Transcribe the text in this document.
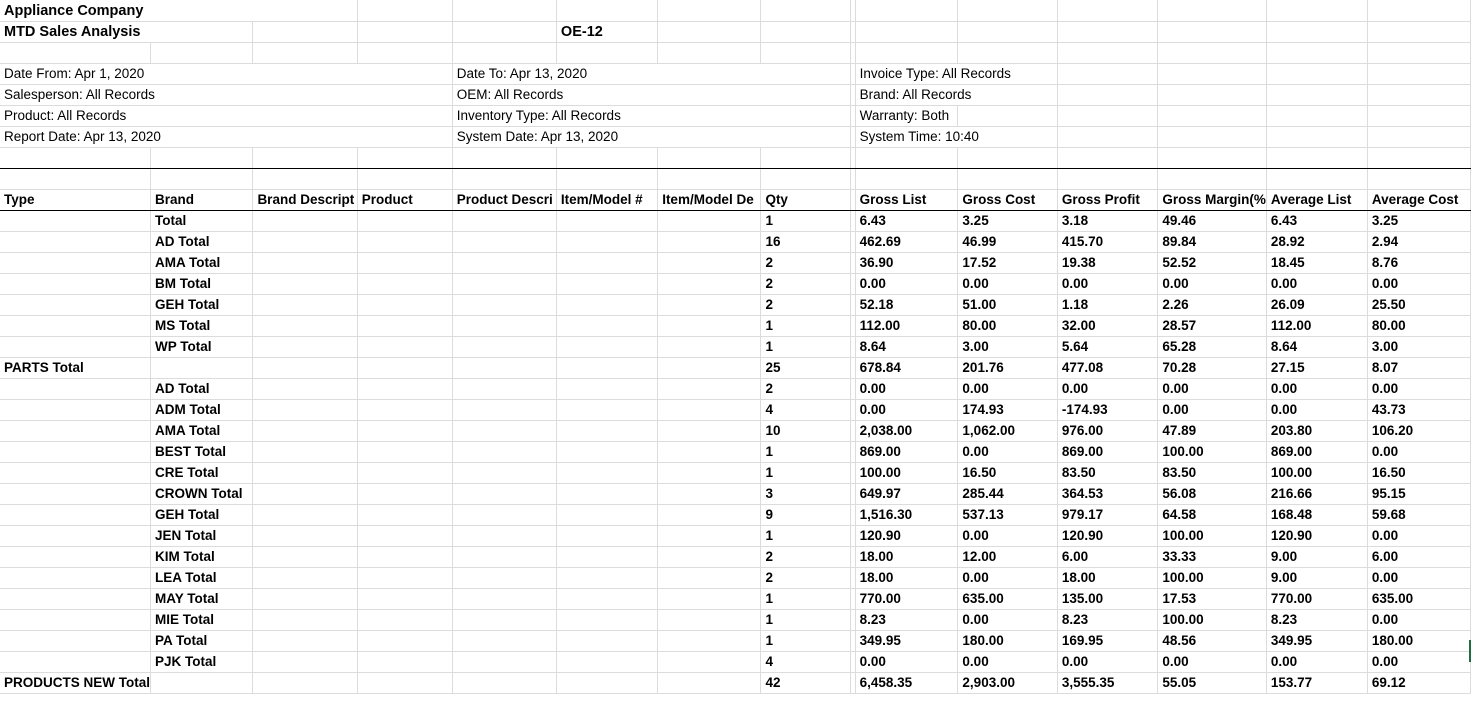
Appliance Company														
MTD Sales Analysis					OE-12									

Date From: Apr 1, 2020				Date To: Apr 13, 2020					Invoice Type: All Records					
Salesperson: All Records				OEM: All Records					Brand: All Records					
Product: All Records				Inventory Type: All Records					Warranty: Both					
Report Date: Apr 13, 2020				System Date: Apr 13, 2020					System Time: 10:40					

Type	Brand	Brand Descript	Product	Product Descri	Item/Model #	Item/Model De	Qty		Gross List	Gross Cost	Gross Profit	Gross Margin(%	Average List	Average Cost
	Total						1		6.43	3.25	3.18	49.46	6.43	3.25
	AD Total						16		462.69	46.99	415.70	89.84	28.92	2.94
	AMA Total						2		36.90	17.52	19.38	52.52	18.45	8.76
	BM Total						2		0.00	0.00	0.00	0.00	0.00	0.00
	GEH Total						2		52.18	51.00	1.18	2.26	26.09	25.50
	MS Total						1		112.00	80.00	32.00	28.57	112.00	80.00
	WP Total						1		8.64	3.00	5.64	65.28	8.64	3.00
PARTS Total							25		678.84	201.76	477.08	70.28	27.15	8.07
	AD Total						2		0.00	0.00	0.00	0.00	0.00	0.00
	ADM Total						4		0.00	174.93	-174.93	0.00	0.00	43.73
	AMA Total						10		2,038.00	1,062.00	976.00	47.89	203.80	106.20
	BEST Total						1		869.00	0.00	869.00	100.00	869.00	0.00
	CRE Total						1		100.00	16.50	83.50	83.50	100.00	16.50
	CROWN Total						3		649.97	285.44	364.53	56.08	216.66	95.15
	GEH Total						9		1,516.30	537.13	979.17	64.58	168.48	59.68
	JEN Total						1		120.90	0.00	120.90	100.00	120.90	0.00
	KIM Total						2		18.00	12.00	6.00	33.33	9.00	6.00
	LEA Total						2		18.00	0.00	18.00	100.00	9.00	0.00
	MAY Total						1		770.00	635.00	135.00	17.53	770.00	635.00
	MIE Total						1		8.23	0.00	8.23	100.00	8.23	0.00
	PA Total						1		349.95	180.00	169.95	48.56	349.95	180.00
	PJK Total						4		0.00	0.00	0.00	0.00	0.00	0.00
PRODUCTS NEW Total							42		6,458.35	2,903.00	3,555.35	55.05	153.77	69.12
